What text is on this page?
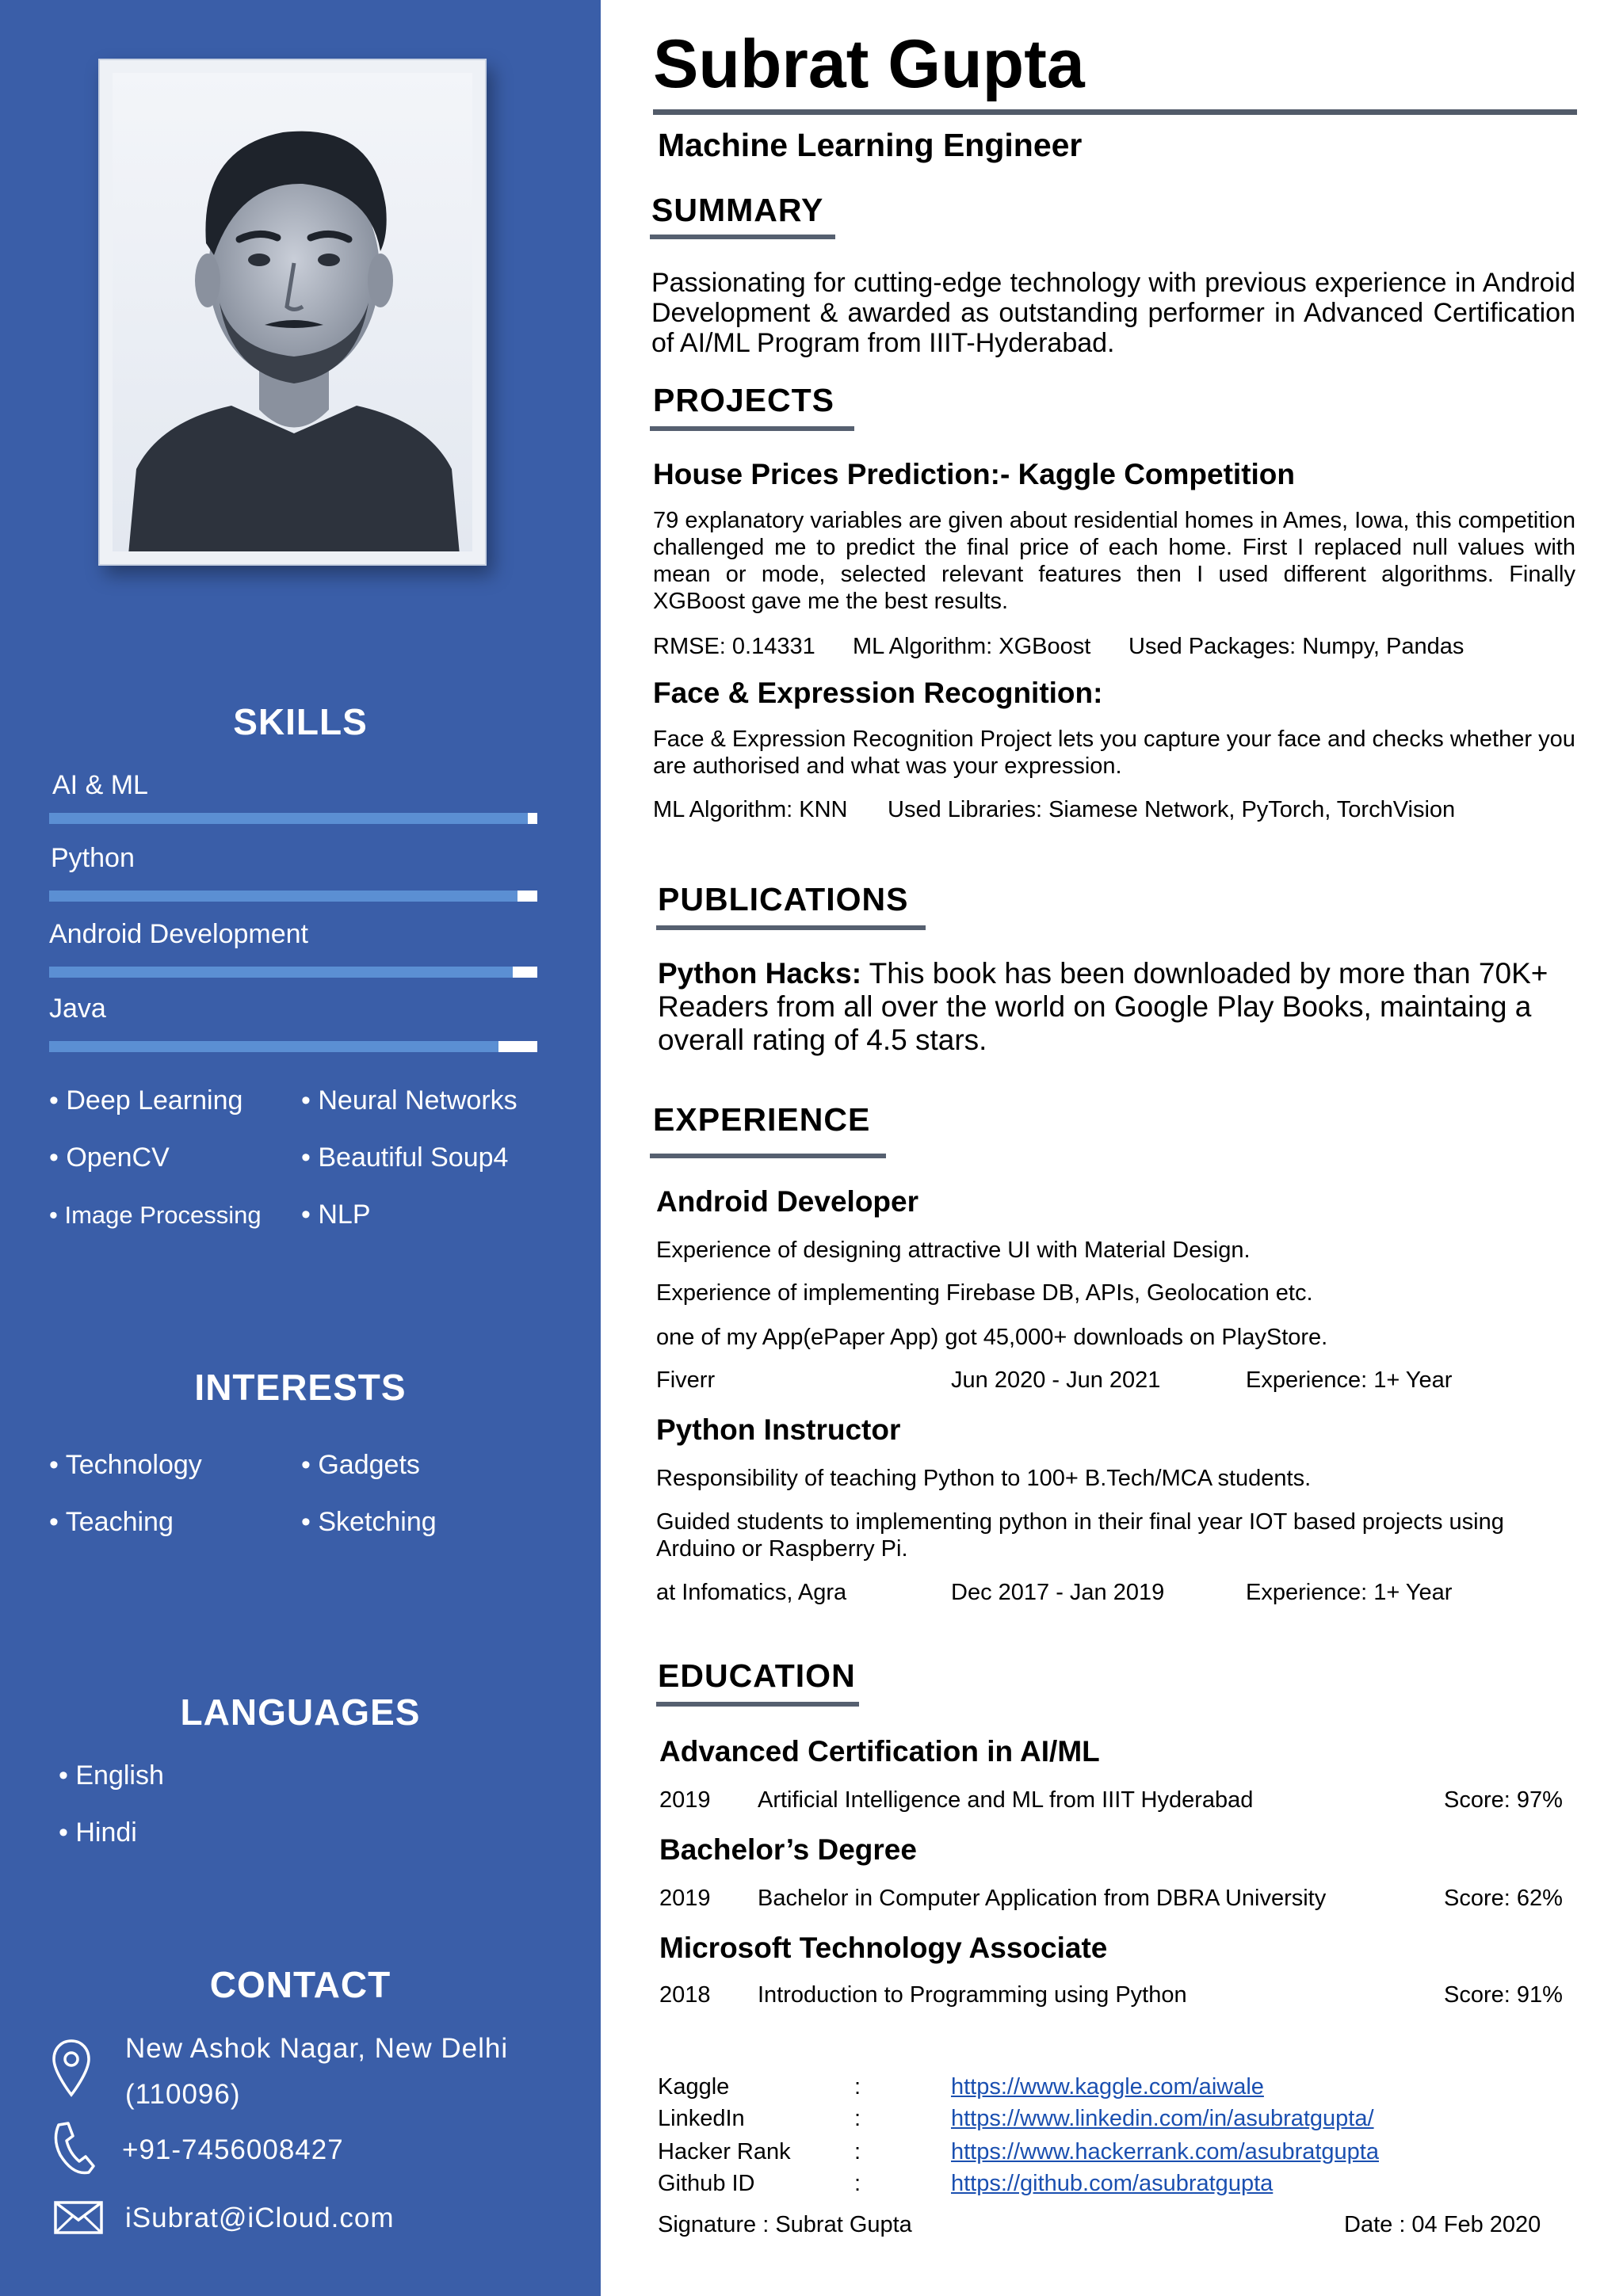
SKILLS
AI & ML
Python
Android Development
Java
• Deep Learning • Neural Networks
• OpenCV	• Beautiful Soup4
• Image Processing • NLP
INTERESTS
• Technology	• Gadgets
• Teaching	• Sketching
LANGUAGES
• English
• Hindi
CONTACT
New Ashok Nagar, New Delhi
(110096)
+91-7456008427
iSubrat@iCloud.com
Subrat Gupta
Machine Learning Engineer
SUMMARY
Passionating for cutting-edge technology with previous experience in Android Development & awarded as outstanding performer in Advanced Certification of AI/ML Program from IIIT-Hyderabad.
PROJECTS
House Prices Prediction:- Kaggle Competition
79 explanatory variables are given about residential homes in Ames, Iowa, this competition challenged me to predict the final price of each home. First I replaced null values with mean or mode, selected relevant features then I used different algorithms. Finally XGBoost gave me the best results.
RMSE: 0.14331 ML Algorithm: XGBoost Used Packages: Numpy, Pandas
Face & Expression Recognition:
Face & Expression Recognition Project lets you capture your face and checks whether you are authorised and what was your expression.
ML Algorithm: KNN Used Libraries: Siamese Network, PyTorch, TorchVision
PUBLICATIONS
Python Hacks: This book has been downloaded by more than 70K+ Readers from all over the world on Google Play Books, maintaing a overall rating of 4.5 stars.
EXPERIENCE
Android Developer
Experience of designing attractive UI with Material Design.
Experience of implementing Firebase DB, APIs, Geolocation etc.
one of my App(ePaper App) got 45,000+ downloads on PlayStore.
Fiverr	Jun 2020 - Jun 2021	Experience: 1+ Year
Python Instructor
Responsibility of teaching Python to 100+ B.Tech/MCA students.
Guided students to implementing python in their final year IOT based projects using Arduino or Raspberry Pi.
at Infomatics, Agra	Dec 2017 - Jan 2019	Experience: 1+ Year
EDUCATION
Advanced Certification in AI/ML
2019 Artificial Intelligence and ML from IIIT Hyderabad	Score: 97%
Bachelor’s Degree
2019 Bachelor in Computer Application from DBRA University	Score: 62%
Microsoft Technology Associate
2018 Introduction to Programming using Python	Score: 91%
Kaggle	:	https://www.kaggle.com/aiwale
LinkedIn	:	https://www.linkedin.com/in/asubratgupta/
Hacker Rank	:	https://www.hackerrank.com/asubratgupta
Github ID	:	https://github.com/asubratgupta
Signature : Subrat Gupta	Date : 04 Feb 2020
